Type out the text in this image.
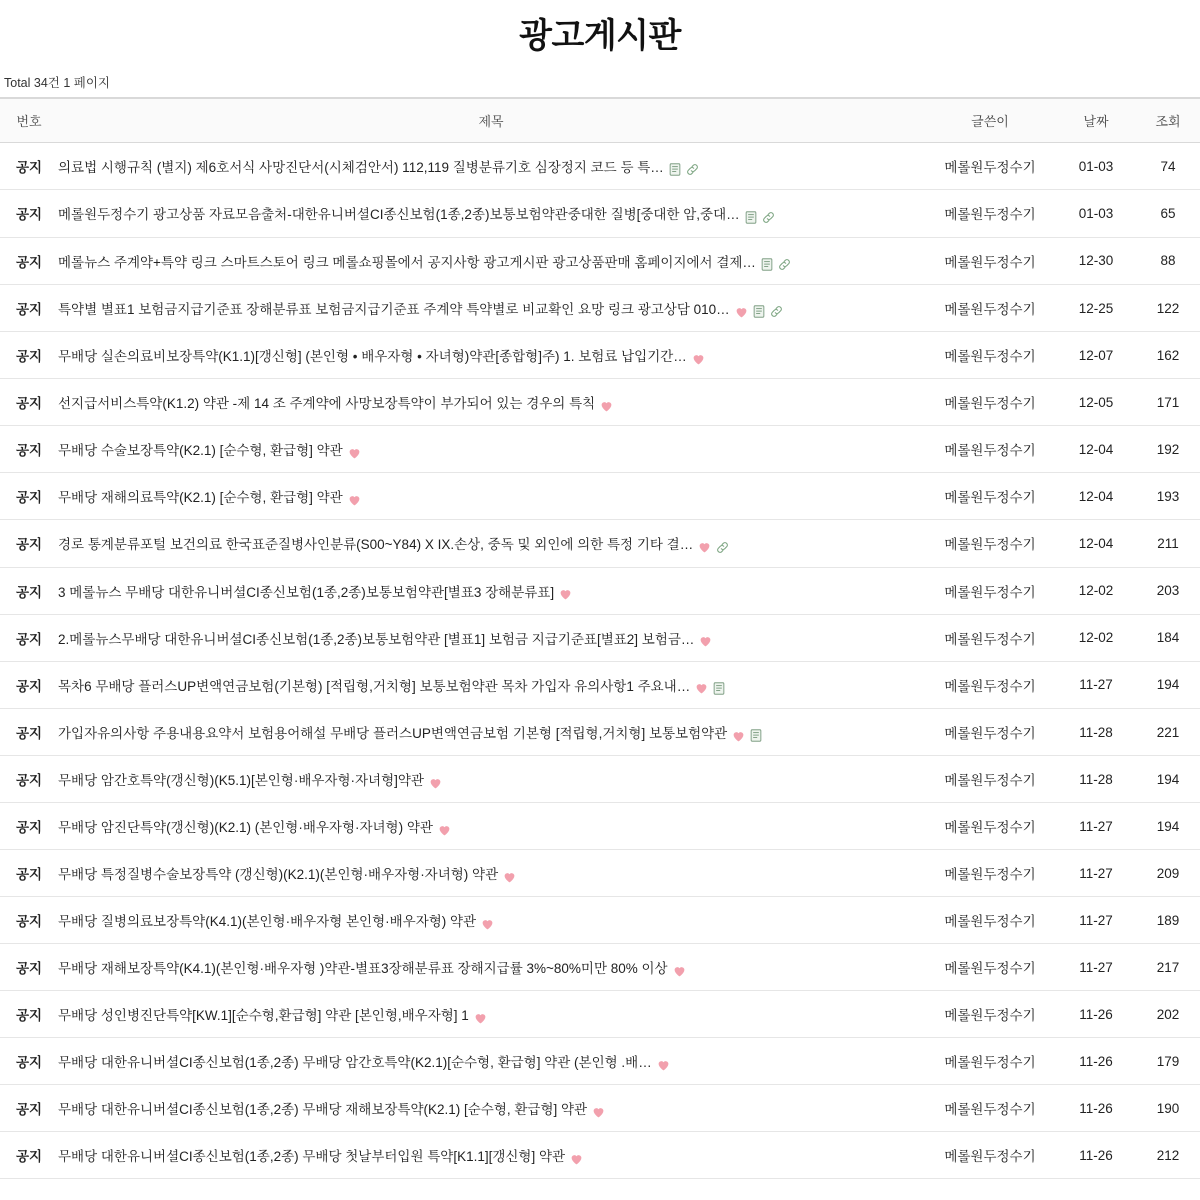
광고게시판
Total 34건 1 페이지
번호	제목	글쓴이	날짜	조회
공지	의료법 시행규칙 (별지) 제6호서식 사망진단서(시체검안서) 112,119 질병분류기호 심장정지 코드 등 특…	메롤원두정수기	01-03	74
공지	메롤원두정수기 광고상품 자료모음출처-대한유니버셜CI종신보험(1종,2종)보통보험약관중대한 질병[중대한 암,중대…	메롤원두정수기	01-03	65
공지	메롤뉴스 주계약+특약 링크 스마트스토어 링크 메롤쇼핑몰에서 공지사항 광고게시판 광고상품판매 홈페이지에서 결제…	메롤원두정수기	12-30	88
공지	특약별 별표1 보험금지급기준표 장해분류표 보험금지급기준표 주계약 특약별로 비교확인 요망 링크 광고상담 010…	메롤원두정수기	12-25	122
공지	무배당 실손의료비보장특약(K1.1)[갱신형] (본인형 • 배우자형 • 자녀형)약관[종합형]주) 1. 보험료 납입기간…	메롤원두정수기	12-07	162
공지	선지급서비스특약(K1.2) 약관 -제 14 조 주계약에 사망보장특약이 부가되어 있는 경우의 특칙	메롤원두정수기	12-05	171
공지	무배당 수술보장특약(K2.1) [순수형, 환급형] 약관	메롤원두정수기	12-04	192
공지	무배당 재해의료특약(K2.1) [순수형, 환급형] 약관	메롤원두정수기	12-04	193
공지	경로 통계분류포털 보건의료 한국표준질병사인분류(S00~Y84) X IX.손상, 중독 및 외인에 의한 특정 기타 결…	메롤원두정수기	12-04	211
공지	3 메롤뉴스 무배당 대한유니버셜CI종신보험(1종,2종)보통보험약관[별표3 장해분류표]	메롤원두정수기	12-02	203
공지	2.메롤뉴스무배당 대한유니버셜CI종신보험(1종,2종)보통보험약관 [별표1] 보험금 지급기준표[별표2] 보험금…	메롤원두정수기	12-02	184
공지	목차6 무배당 플러스UP변액연금보험(기본형) [적립형,거치형] 보통보험약관 목차 가입자 유의사항1 주요내…	메롤원두정수기	11-27	194
공지	가입자유의사항 주용내용요약서 보험용어해설 무배당 플러스UP변액연금보험 기본형 [적립형,거치형] 보통보험약관	메롤원두정수기	11-28	221
공지	무배당 암간호특약(갱신형)(K5.1)[본인형·배우자형·자녀형]약관	메롤원두정수기	11-28	194
공지	무배당 암진단특약(갱신형)(K2.1) (본인형·배우자형·자녀형) 약관	메롤원두정수기	11-27	194
공지	무배당 특정질병수술보장특약 (갱신형)(K2.1)(본인형·배우자형·자녀형) 약관	메롤원두정수기	11-27	209
공지	무배당 질병의료보장특약(K4.1)(본인형·배우자형 본인형·배우자형) 약관	메롤원두정수기	11-27	189
공지	무배당 재해보장특약(K4.1)(본인형·배우자형 )약관-별표3장해분류표 장해지급률 3%~80%미만 80% 이상	메롤원두정수기	11-27	217
공지	무배당 성인병진단특약[KW.1][순수형,환급형] 약관 [본인형,배우자형] 1	메롤원두정수기	11-26	202
공지	무배당 대한유니버셜CI종신보험(1종,2종) 무배당 암간호특약(K2.1)[순수형, 환급형] 약관 (본인형 .배…	메롤원두정수기	11-26	179
공지	무배당 대한유니버셜CI종신보험(1종,2종) 무배당 재해보장특약(K2.1) [순수형, 환급형] 약관	메롤원두정수기	11-26	190
공지	무배당 대한유니버셜CI종신보험(1종,2종) 무배당 첫날부터입원 특약[K1.1][갱신형] 약관	메롤원두정수기	11-26	212
